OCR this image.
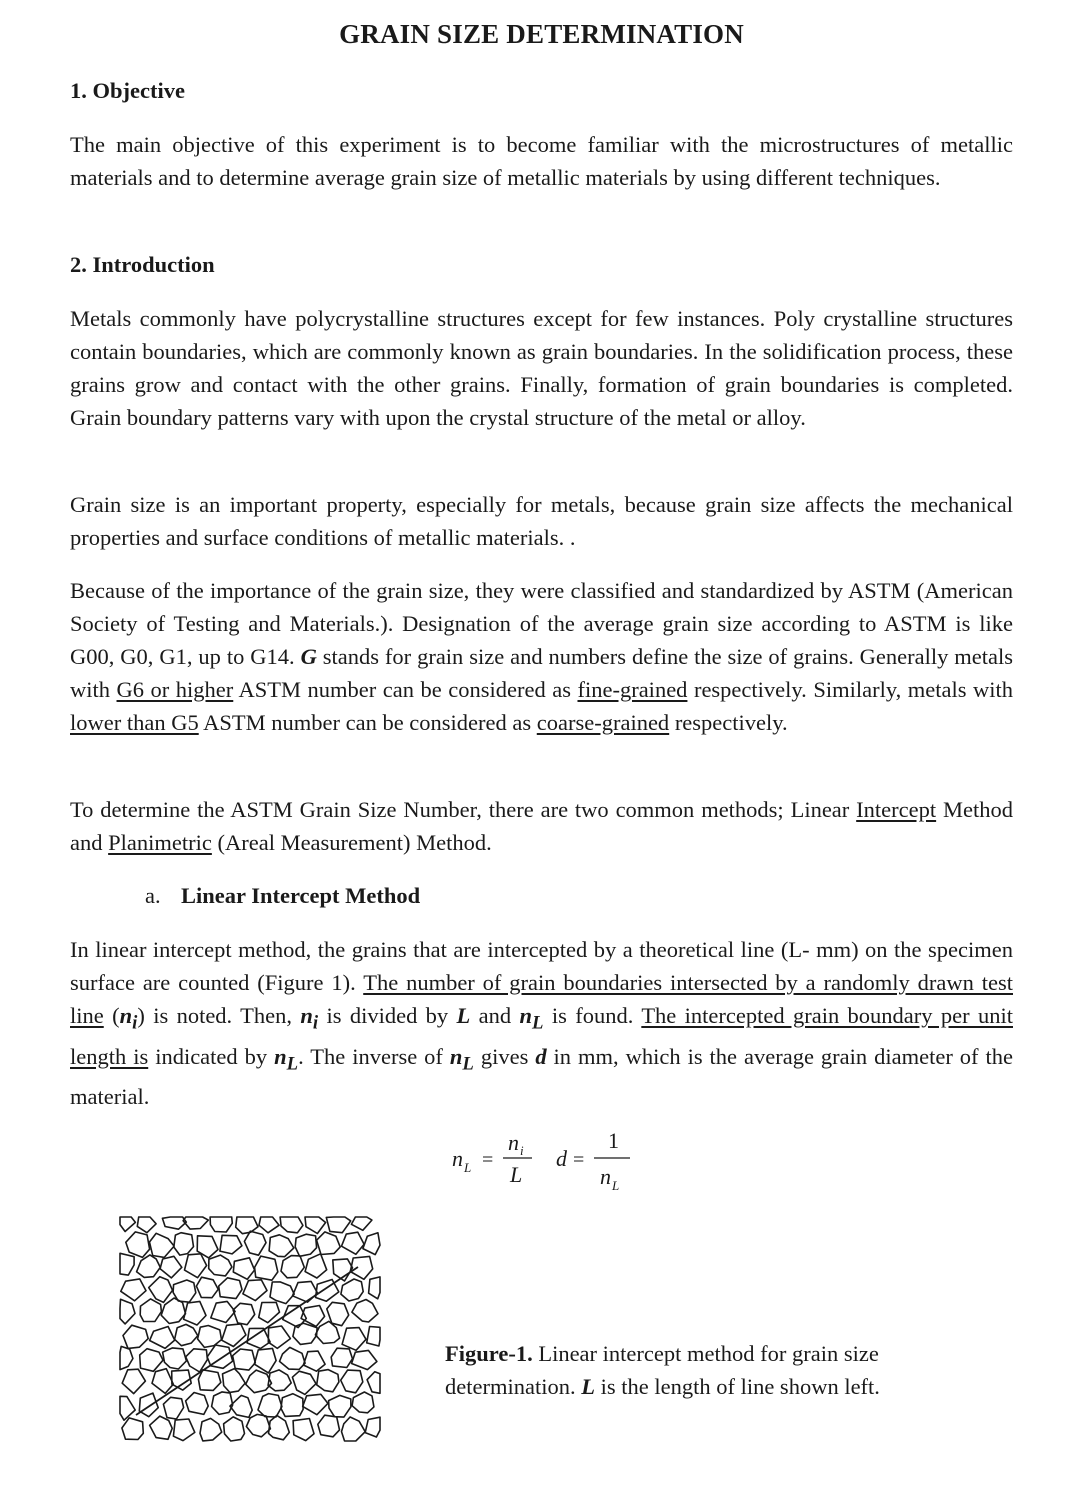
GRAIN SIZE DETERMINATION
1. Objective

The main objective of this experiment is to become familiar with the microstructures of metallic materials and to determine average grain size of metallic materials by using different techniques.

2. Introduction

Metals commonly have polycrystalline structures except for few instances. Poly crystalline structures contain boundaries, which are commonly known as grain boundaries. In the solidification process, these grains grow and contact with the other grains. Finally, formation of grain boundaries is completed. Grain boundary patterns vary with upon the crystal structure of the metal or alloy.

Grain size is an important property, especially for metals, because grain size affects the mechanical properties and surface conditions of metallic materials. .

Because of the importance of the grain size, they were classified and standardized by ASTM (American Society of Testing and Materials.). Designation of the average grain size according to ASTM is like G00, G0, G1, up to G14. G stands for grain size and numbers define the size of grains. Generally metals with G6 or higher ASTM number can be considered as fine-grained respectively. Similarly, metals with lower than G5 ASTM number can be considered as coarse-grained respectively.

To determine the ASTM Grain Size Number, there are two common methods; Linear Intercept Method and Planimetric (Areal Measurement) Method.

a. Linear Intercept Method

In linear intercept method, the grains that are intercepted by a theoretical line (L- mm) on the specimen surface are counted (Figure 1). The number of grain boundaries intersected by a randomly drawn test line $(n_i)$ is noted. Then, $n_i$ is divided by L and $n_L$ is found. The intercepted grain boundary per unit length is indicated by $n_L$. The inverse of $n_L$ gives d in mm, which is the average grain diameter of the material.

n L =
n i
L
d =
1
n L

Figure-1. Linear intercept method for grain size determination. L is the length of line shown left.
